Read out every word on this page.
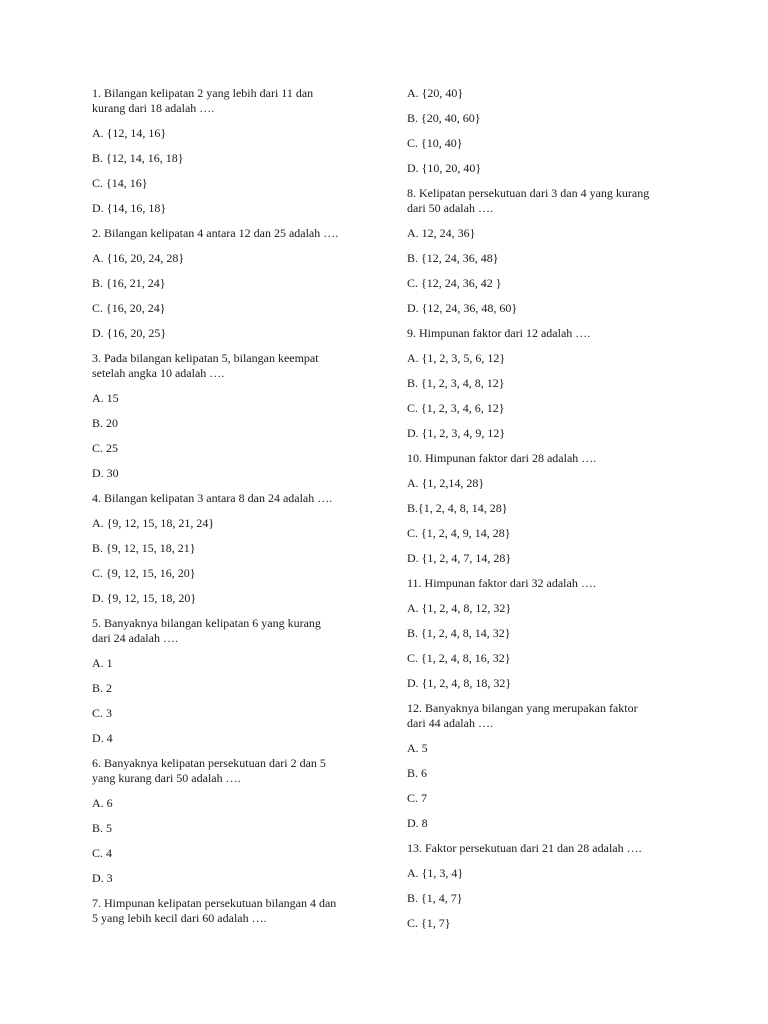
1. Bilangan kelipatan 2 yang lebih dari 11 dan
kurang dari 18 adalah ….
A. {12, 14, 16}
B. {12, 14, 16, 18}
C. {14, 16}
D. {14, 16, 18}
2. Bilangan kelipatan 4 antara 12 dan 25 adalah ….
A. {16, 20, 24, 28}
B. {16, 21, 24}
C. {16, 20, 24}
D. {16, 20, 25}
3. Pada bilangan kelipatan 5, bilangan keempat
setelah angka 10 adalah ….
A. 15
B. 20
C. 25
D. 30
4. Bilangan kelipatan 3 antara 8 dan 24 adalah ….
A. {9, 12, 15, 18, 21, 24}
B. {9, 12, 15, 18, 21}
C. {9, 12, 15, 16, 20}
D. {9, 12, 15, 18, 20}
5. Banyaknya bilangan kelipatan 6 yang kurang
dari 24 adalah ….
A. 1
B. 2
C. 3
D. 4
6. Banyaknya kelipatan persekutuan dari 2 dan 5
yang kurang dari 50 adalah ….
A. 6
B. 5
C. 4
D. 3
7. Himpunan kelipatan persekutuan bilangan 4 dan
5 yang lebih kecil dari 60 adalah ….
A. {20, 40}
B. {20, 40, 60}
C. {10, 40}
D. {10, 20, 40}
8. Kelipatan persekutuan dari 3 dan 4 yang kurang
dari 50 adalah ….
A. 12, 24, 36}
B. {12, 24, 36, 48}
C. {12, 24, 36, 42 }
D. {12, 24, 36, 48, 60}
9. Himpunan faktor dari 12 adalah ….
A. {1, 2, 3, 5, 6, 12}
B. {1, 2, 3, 4, 8, 12}
C. {1, 2, 3, 4, 6, 12}
D. {1, 2, 3, 4, 9, 12}
10. Himpunan faktor dari 28 adalah ….
A. {1, 2,14, 28}
B.{1, 2, 4, 8, 14, 28}
C. {1, 2, 4, 9, 14, 28}
D. {1, 2, 4, 7, 14, 28}
11. Himpunan faktor dari 32 adalah ….
A. {1, 2, 4, 8, 12, 32}
B. {1, 2, 4, 8, 14, 32}
C. {1, 2, 4, 8, 16, 32}
D. {1, 2, 4, 8, 18, 32}
12. Banyaknya bilangan yang merupakan faktor
dari 44 adalah ….
A. 5
B. 6
C. 7
D. 8
13. Faktor persekutuan dari 21 dan 28 adalah ….
A. {1, 3, 4}
B. {1, 4, 7}
C. {1, 7}
